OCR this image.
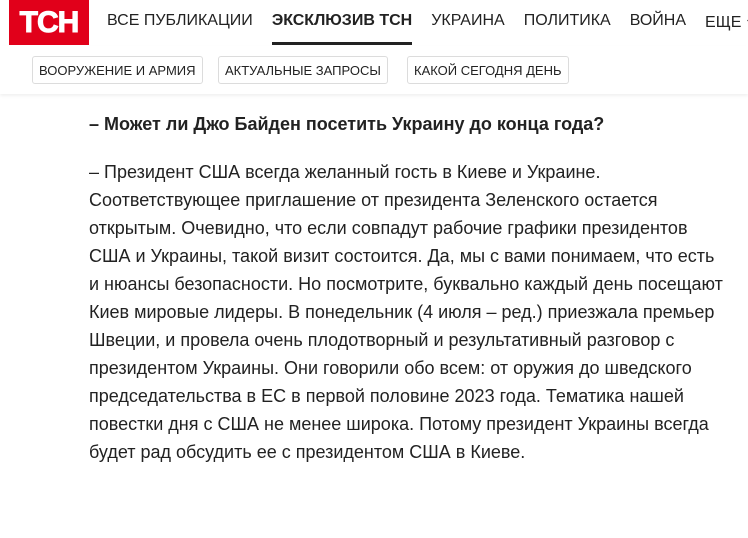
ТСН ВСЕ ПУБЛИКАЦИИ ЭКСКЛЮЗИВ ТСН УКРАИНА ПОЛИТИКА ВОЙНА ЕЩЕ
ВООРУЖЕНИЕ И АРМИЯ	АКТУАЛЬНЫЕ ЗАПРОСЫ	КАКОЙ СЕГОДНЯ ДЕНЬ

– Может ли Джо Байден посетить Украину до конца года?

– Президент США всегда желанный гость в Киеве и Украине. Соответствующее приглашение от президента Зеленского остается открытым. Очевидно, что если совпадут рабочие графики президентов США и Украины, такой визит состоится. Да, мы с вами понимаем, что есть и нюансы безопасности. Но посмотрите, буквально каждый день посещают Киев мировые лидеры. В понедельник (4 июля – ред.) приезжала премьер Швеции, и провела очень плодотворный и результативный разговор с президентом Украины. Они говорили обо всем: от оружия до шведского председательства в ЕС в первой половине 2023 года. Тематика нашей повестки дня с США не менее широка. Потому президент Украины всегда будет рад обсудить ее с президентом США в Киеве.
